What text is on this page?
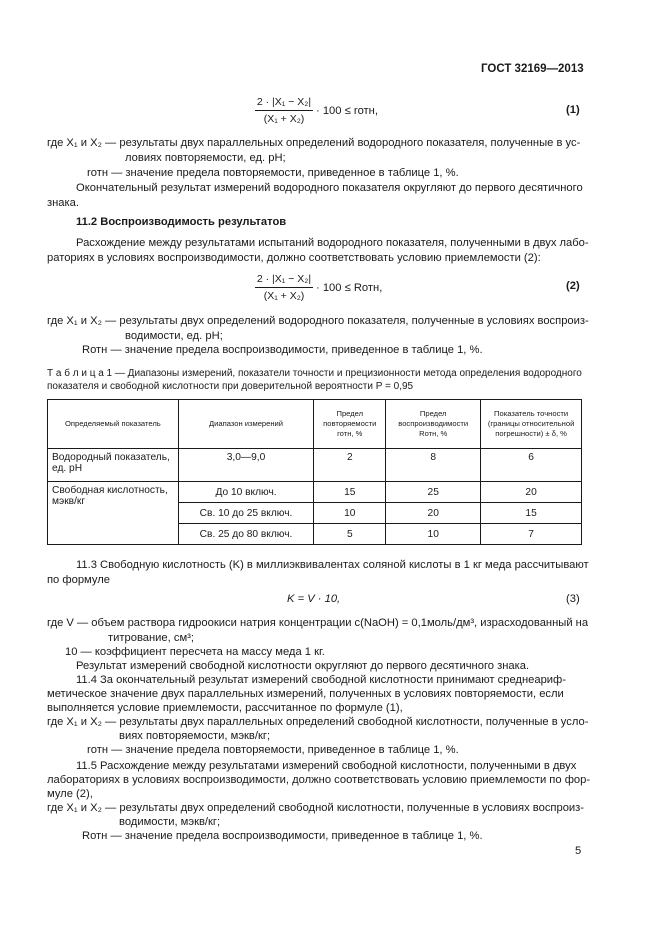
ГОСТ 32169—2013
2 · |X₁ − X₂|
(X₁ + X₂)
· 100 ≤ rотн,	(1)
где X₁ и X₂ — результаты двух параллельных определений водородного показателя, полученные в ус-
ловиях повторяемости, ед. pH;
rотн — значение предела повторяемости, приведенное в таблице 1, %.
Окончательный результат измерений водородного показателя округляют до первого десятичного
знака.
11.2 Воспроизводимость результатов
Расхождение между результатами испытаний водородного показателя, полученными в двух лабо-
раториях в условиях воспроизводимости, должно соответствовать условию приемлемости (2):
2 · |X₁ − X₂|
(X₁ + X₂)
· 100 ≤ Rотн,	(2)
где X₁ и X₂ — результаты двух определений водородного показателя, полученные в условиях воспроиз-
водимости, ед. pH;
Rотн — значение предела воспроизводимости, приведенное в таблице 1, %.
Т а б л и ц а 1 — Диапазоны измерений, показатели точности и прецизионности метода определения водородного
показателя и свободной кислотности при доверительной вероятности P = 0,95
Определяемый показатель	Диапазон измерений	Предел повторяемости rотн, %	Предел воспроизводимости Rотн, %	Показатель точности (границы относительной погрешности) ± δ, %
Водородный показатель, ед. pH	3,0—9,0	2	8	6
Свободная кислотность, мэкв/кг	До 10 включ.	15	25	20
	Св. 10 до 25 включ.	10	20	15
	Св. 25 до 80 включ.	5	10	7
11.3 Свободную кислотность (K) в миллиэквивалентах соляной кислоты в 1 кг меда рассчитывают
по формуле
K = V · 10,	(3)
где V — объем раствора гидроокиси натрия концентрации c(NaOH) = 0,1моль/дм³, израсходованный на
титрование, см³;
10 — коэффициент пересчета на массу меда 1 кг.
Результат измерений свободной кислотности округляют до первого десятичного знака.
11.4 За окончательный результат измерений свободной кислотности принимают среднеариф-
метическое значение двух параллельных измерений, полученных в условиях повторяемости, если
выполняется условие приемлемости, рассчитанное по формуле (1),
где X₁ и X₂ — результаты двух параллельных определений свободной кислотности, полученные в усло-
виях повторяемости, мэкв/кг;
rотн — значение предела повторяемости, приведенное в таблице 1, %.
11.5 Расхождение между результатами измерений свободной кислотности, полученными в двух
лабораториях в условиях воспроизводимости, должно соответствовать условию приемлемости по фор-
муле (2),
где X₁ и X₂ — результаты двух определений свободной кислотности, полученные в условиях воспроиз-
водимости, мэкв/кг;
Rотн — значение предела воспроизводимости, приведенное в таблице 1, %.
5
